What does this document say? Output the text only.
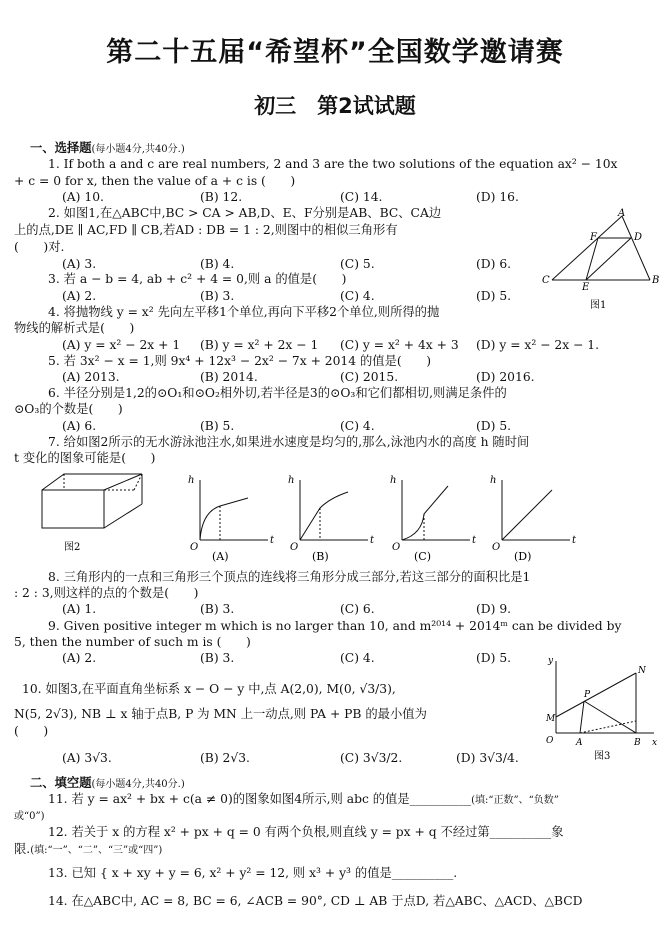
第二十五届“希望杯”全国数学邀请赛
初三　第2试试题
一、选择题(每小题4分,共40分.)
1. If both a and c are real numbers, 2 and 3 are the two solutions of the equation ax² − 10x
+ c = 0 for x, then the value of a + c is (　　)
(A) 10.	(B) 12.	(C) 14.	(D) 16.
2. 如图1,在△ABC中,BC > CA > AB,D、E、F分别是AB、BC、CA边
上的点,DE ∥ AC,FD ∥ CB,若AD : DB = 1 : 2,则图中的相似三角形有
(　　)对.
(A) 3.	(B) 4.	(C) 5.	(D) 6.
A
B
C
D
E
F
图1
3. 若 a − b = 4, ab + c² + 4 = 0,则 a 的值是(　　)
(A) 2.	(B) 3.	(C) 4.	(D) 5.
4. 将抛物线 y = x² 先向左平移1个单位,再向下平移2个单位,则所得的抛
物线的解析式是(　　)
(A) y = x² − 2x + 1 (B) y = x² + 2x − 1 (C) y = x² + 4x + 3 (D) y = x² − 2x − 1.
5. 若 3x² − x = 1,则 9x⁴ + 12x³ − 2x² − 7x + 2014 的值是(　　)
(A) 2013.	(B) 2014.	(C) 2015.	(D) 2016.
6. 半径分别是1,2的⊙O₁和⊙O₂相外切,若半径是3的⊙O₃和它们都相切,则满足条件的
⊙O₃的个数是(　　)
(A) 6.	(B) 5.	(C) 4.	(D) 5.
7. 给如图2所示的无水游泳池注水,如果进水速度是均匀的,那么,泳池内水的高度 h 随时间
t 变化的图象可能是(　　)
图2
h
t
O
(A)
h
t
O
(B)
h
t
O
(C)
h
t
O
(D)
8. 三角形内的一点和三角形三个顶点的连线将三角形分成三部分,若这三部分的面积比是1
: 2 : 3,则这样的点的个数是(　　)
(A) 1.	(B) 3.	(C) 6.	(D) 9.
9. Given positive integer m which is no larger than 10, and m²⁰¹⁴ + 2014ᵐ can be divided by
5, then the number of such m is (　　)
(A) 2.	(B) 3.	(C) 4.	(D) 5.
10. 如图3,在平面直角坐标系 x − O − y 中,点 A(2,0), M(0, √3/3),
N(5, 2√3), NB ⊥ x 轴于点B, P 为 MN 上一动点,则 PA + PB 的最小值为
(　　)
(A) 3√3.	(B) 2√3.	(C) 3√3/2.	(D) 3√3/4.
y
x
N
P
M
O	A	B
图3
二、填空题(每小题4分,共40分.)
11. 若 y = ax² + bx + c(a ≠ 0)的图象如图4所示,则 abc 的值是__________(填:“正数”、“负数”
或“0”)
12. 若关于 x 的方程 x² + px + q = 0 有两个负根,则直线 y = px + q 不经过第__________象
限.(填:“一”、“二”、“三”或“四”)
13. 已知 { x + xy + y = 6, x² + y² = 12, 则 x³ + y³ 的值是__________.
14. 在△ABC中, AC = 8, BC = 6, ∠ACB = 90°, CD ⊥ AB 于点D, 若△ABC、△ACD、△BCD
